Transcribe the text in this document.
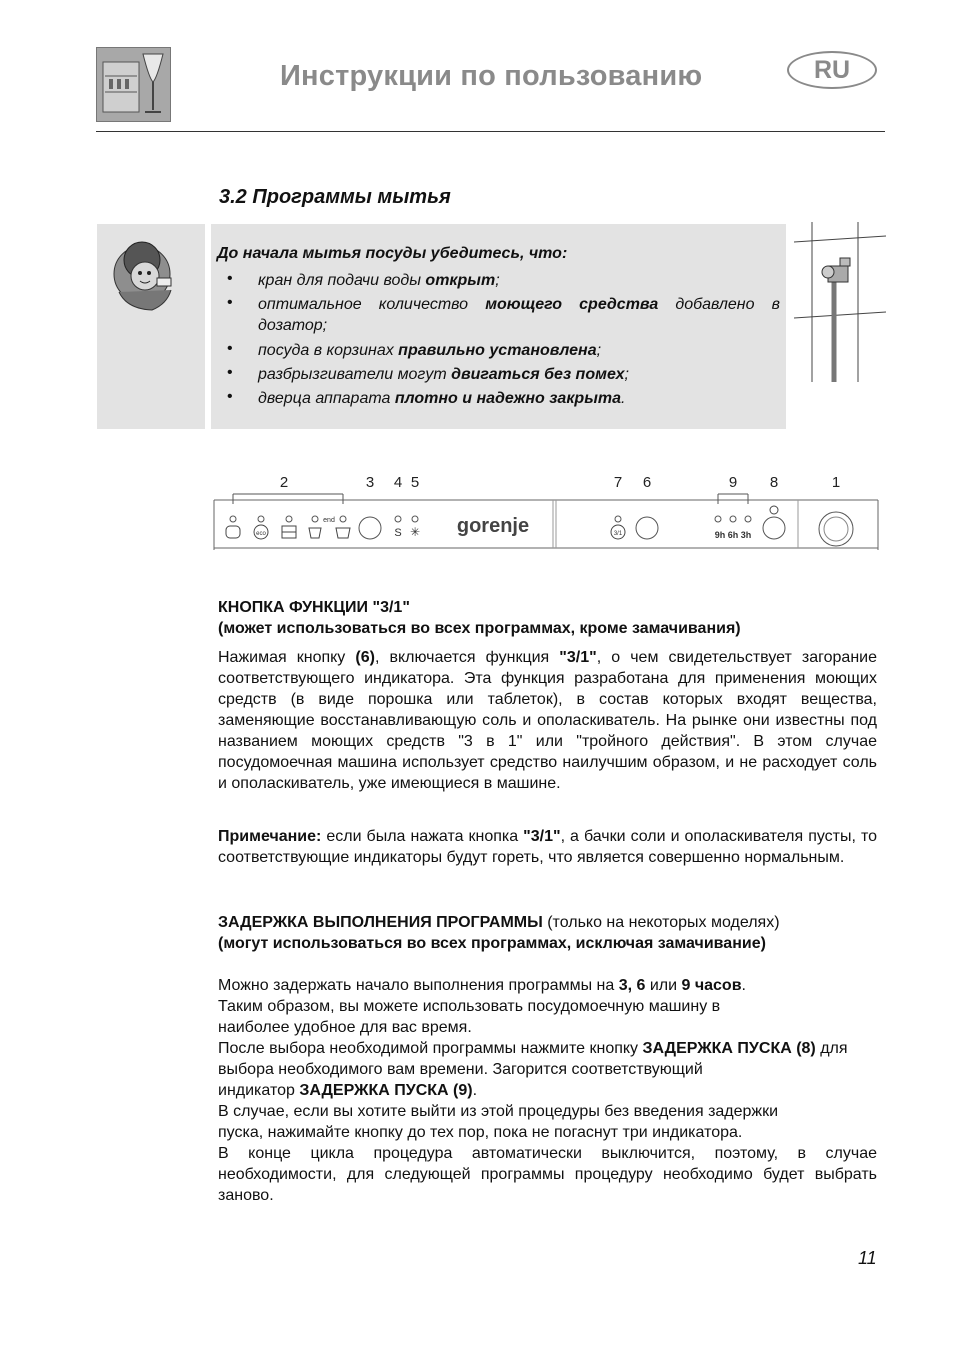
Инструкции по пользованию	RU
3.2 Программы мытья
До начала мытья посуды убедитесь, что:
• кран для подачи воды открыт;
• оптимальное количество моющего средства добавлено в дозатор;
• посуда в корзинах правильно установлена;
• разбрызгиватели могут двигаться без помех;
• дверца аппарата плотно и надежно закрыта.
2	3 4 5	7 6	9 8	1
end
eco	S ✳ gorenje	3/1	9h 6h 3h
КНОПКА ФУНКЦИИ "3/1"
(может использоваться во всех программах, кроме замачивания)
Нажимая кнопку (6), включается функция "3/1", о чем свидетельствует загорание соответствующего индикатора. Эта функция разработана для применения моющих средств (в виде порошка или таблеток), в состав которых входят вещества, заменяющие восстанавливающую соль и ополаскиватель. На рынке они известны под названием моющих средств "3 в 1" или "тройного действия". В этом случае посудомоечная машина использует средство наилучшим образом, и не расходует соль и ополаскиватель, уже имеющиеся в машине.
Примечание: если была нажата кнопка "3/1", а бачки соли и ополаскивателя пусты, то соответствующие индикаторы будут гореть, что является совершенно нормальным.
ЗАДЕРЖКА ВЫПОЛНЕНИЯ ПРОГРАММЫ (только на некоторых моделях)
(могут использоваться во всех программах, исключая замачивание)
Можно задержать начало выполнения программы на 3, 6 или 9 часов.
Таким образом, вы можете использовать посудомоечную машину в
наиболее удобное для вас время.
После выбора необходимой программы нажмите кнопку ЗАДЕРЖКА ПУСКА (8) для выбора необходимого вам времени. Загорится соответствующий
индикатор ЗАДЕРЖКА ПУСКА (9).
В случае, если вы хотите выйти из этой процедуры без введения задержки
пуска, нажимайте кнопку до тех пор, пока не погаснут три индикатора.
В конце цикла процедура автоматически выключится, поэтому, в случае необходимости, для следующей программы процедуру необходимо будет выбрать заново.
11
